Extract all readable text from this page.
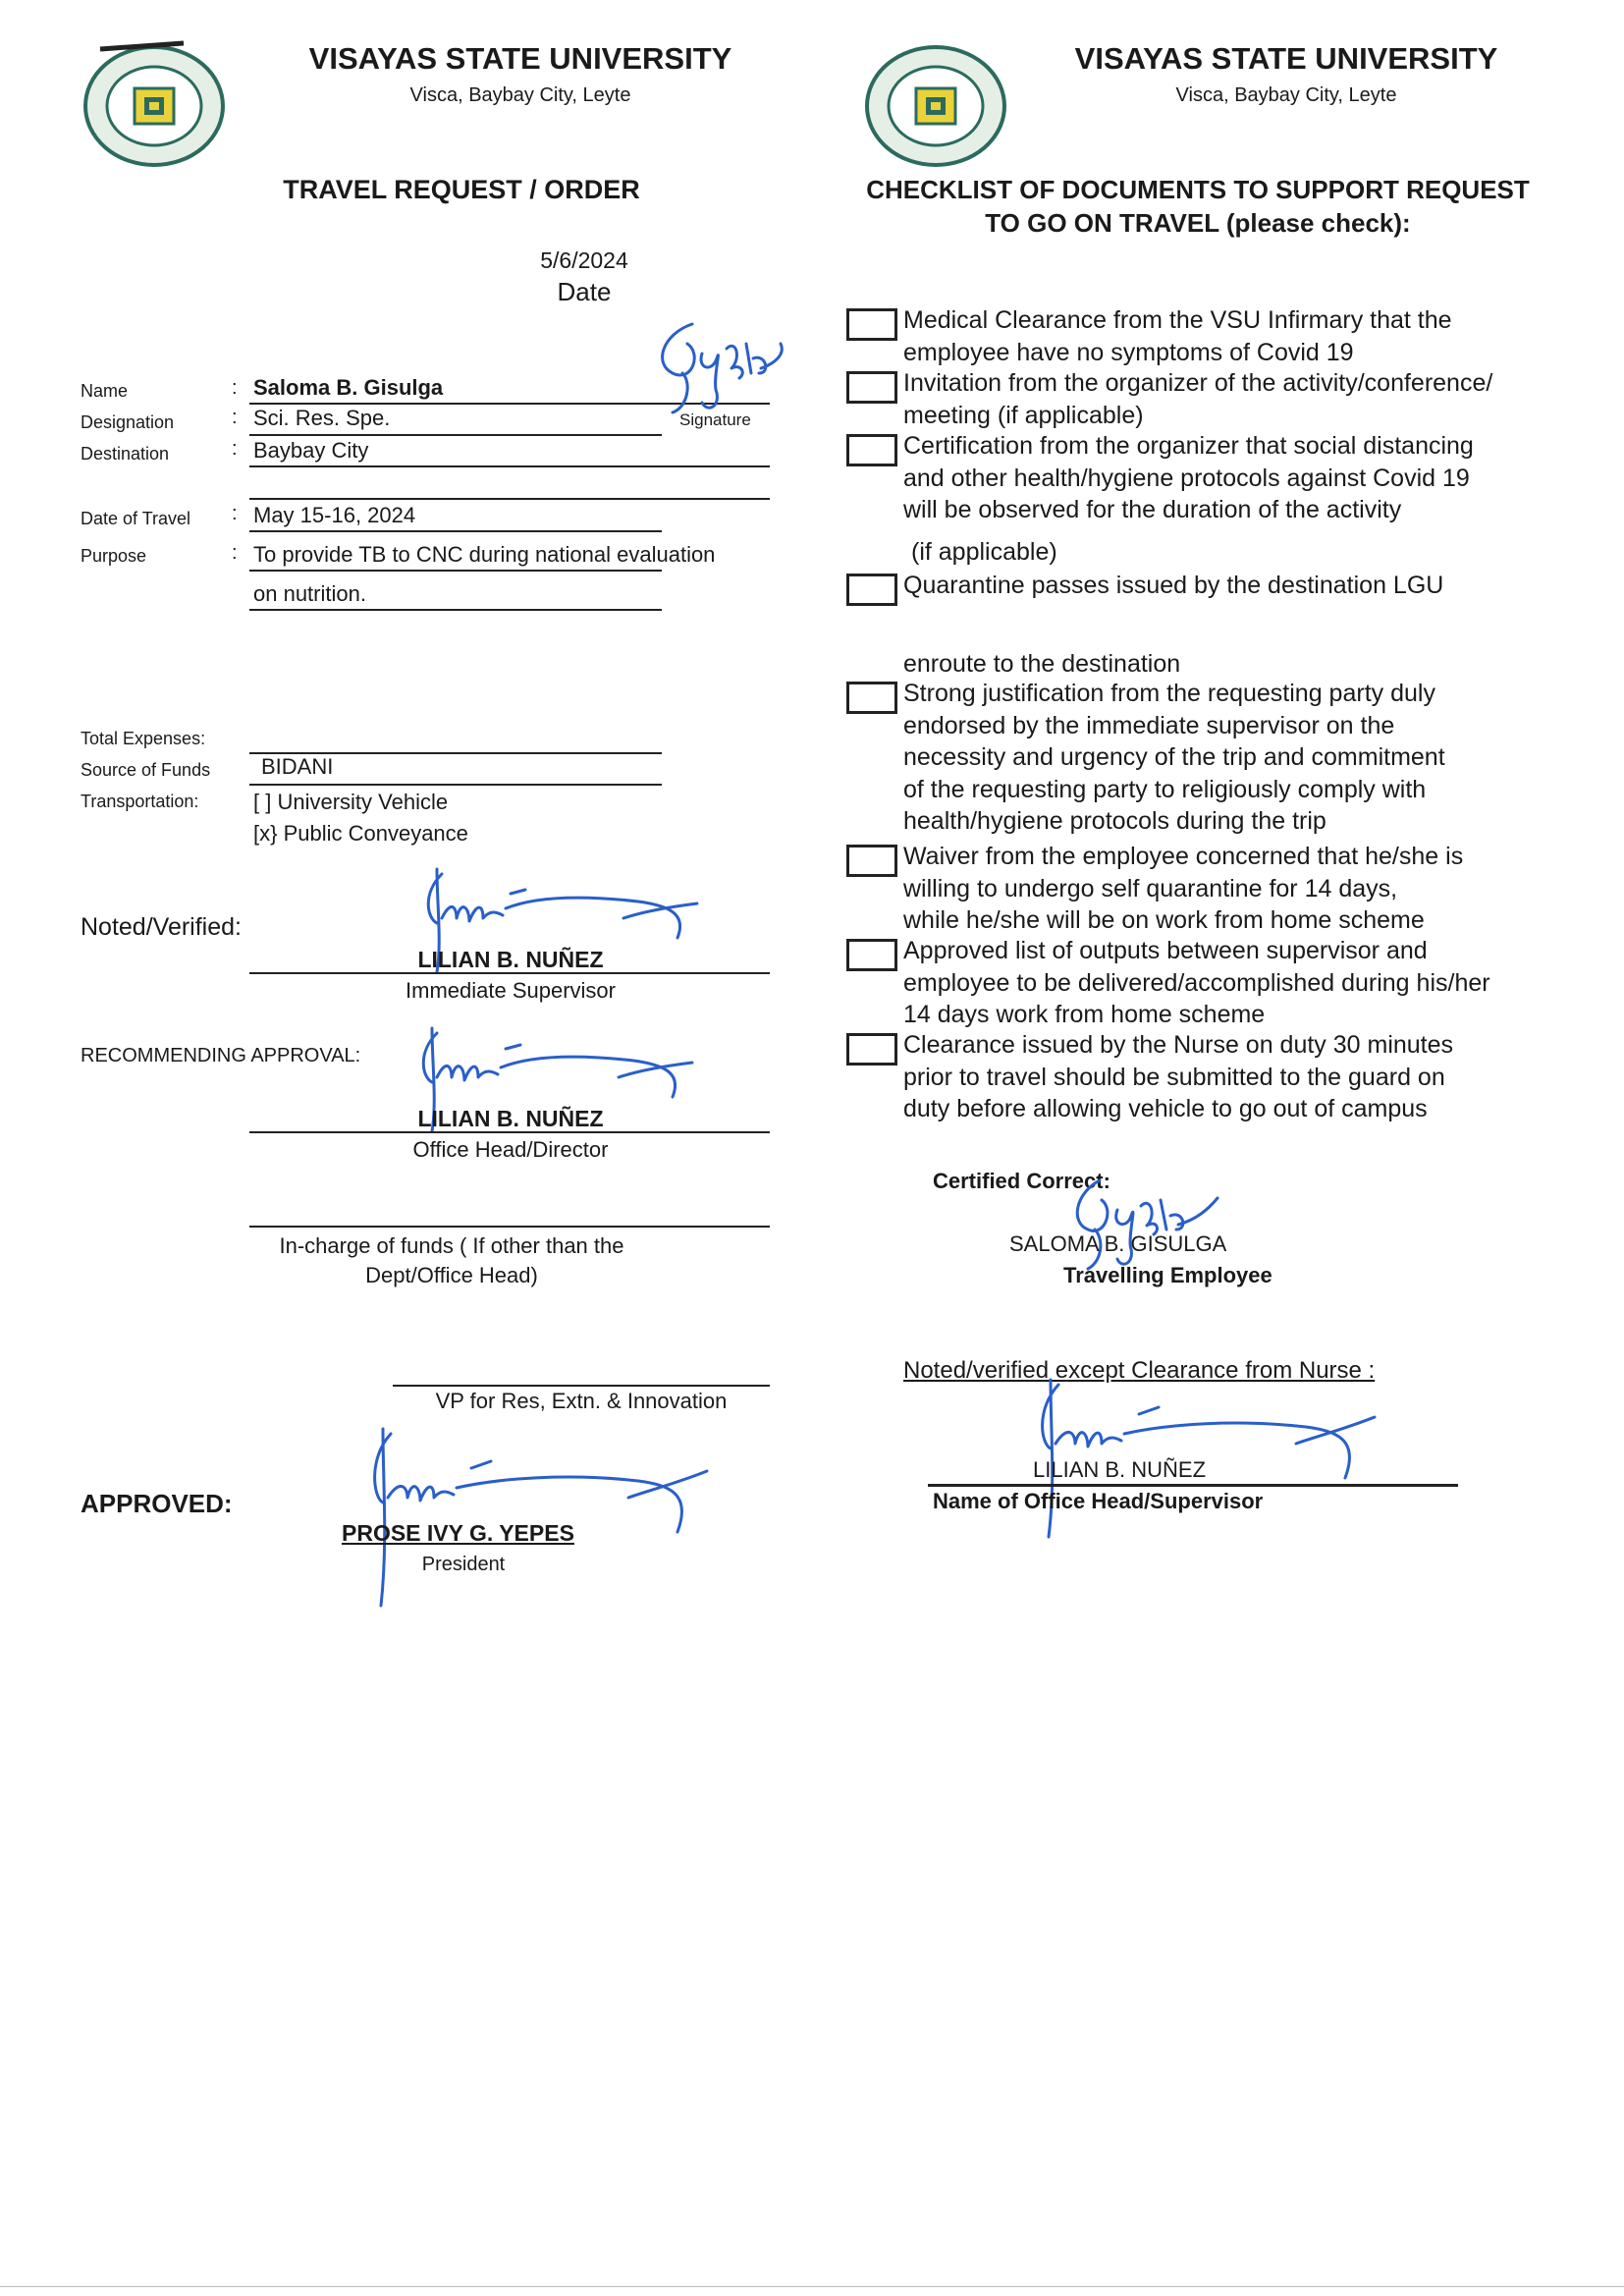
VISAYAS STATE UNIVERSITY
Visca, Baybay City, Leyte
VISAYAS STATE UNIVERSITY
Visca, Baybay City, Leyte
TRAVEL REQUEST / ORDER
5/6/2024
Date
Name	: Saloma B. Gisulga
Signature
Designation	: Sci. Res. Spe.
Destination	: Baybay City
Date of Travel : May 15-16, 2024
Purpose	: To provide TB to CNC during national evaluation
on nutrition.
Total Expenses:
Source of Funds BIDANI
Transportation:	[ ] University Vehicle
[x} Public Conveyance
Noted/Verified:
LILIAN B. NUÑEZ
Immediate Supervisor
RECOMMENDING APPROVAL:
LILIAN B. NUÑEZ
Office Head/Director
In-charge of funds ( If other than the
Dept/Office Head)
VP for Res, Extn. & Innovation
APPROVED:
PROSE IVY G. YEPES
President
CHECKLIST OF DOCUMENTS TO SUPPORT REQUEST
TO GO ON TRAVEL (please check):
Medical Clearance from the VSU Infirmary that the
employee have no symptoms of Covid 19
Invitation from the organizer of the activity/conference/
meeting (if applicable)
Certification from the organizer that social distancing
and other health/hygiene protocols against Covid 19
will be observed for the duration of the activity
Quarantine passes issued by the destination LGU
Strong justification from the requesting party duly
endorsed by the immediate supervisor on the
necessity and urgency of the trip and commitment
of the requesting party to religiously comply with
health/hygiene protocols during the trip
Waiver from the employee concerned that he/she is
willing to undergo self quarantine for 14 days,
while he/she will be on work from home scheme
Approved list of outputs between supervisor and
employee to be delivered/accomplished during his/her
14 days work from home scheme
Clearance issued by the Nurse on duty 30 minutes
prior to travel should be submitted to the guard on
duty before allowing vehicle to go out of campus
(if applicable)
enroute to the destination
Certified Correct:
SALOMA B. GISULGA
Travelling Employee
Noted/verified except Clearance from Nurse :
LILIAN B. NUÑEZ
Name of Office Head/Supervisor
